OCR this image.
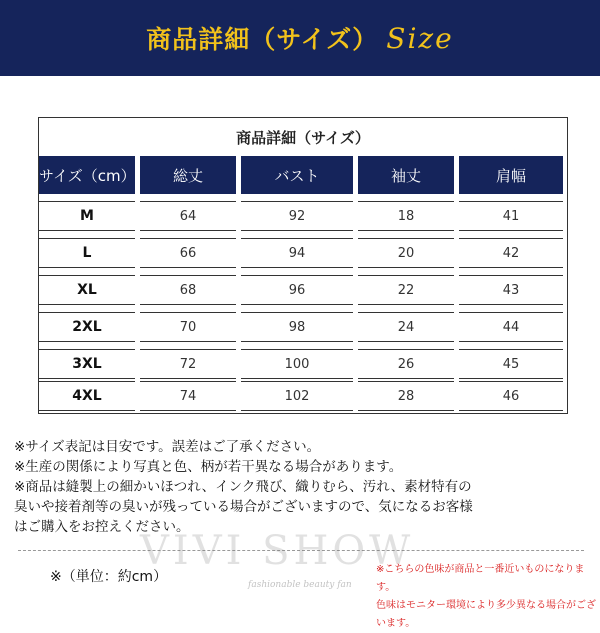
商品詳細（サイズ） Size
商品詳細（サイズ）
サイズ（cm）	総丈	バスト	袖丈	肩幅
M	64	92	18	41
L	66	94	20	42
XL	68	96	22	43
2XL	70	98	24	44
3XL	72	100	26	45
4XL	74	102	28	46
※サイズ表記は目安です。誤差はご了承ください。
※生産の関係により写真と色、柄が若干異なる場合があります。
※商品は縫製上の細かいほつれ、インク飛び、織りむら、汚れ、素材特有の
臭いや接着剤等の臭いが残っている場合がございますので、気になるお客様
はご購入をお控えください。
VIVI SHOW
fashionable beauty fan
※（単位：約cm）	※こちらの色味が商品と一番近いものになります。
色味はモニター環境により多少異なる場合がございます。
